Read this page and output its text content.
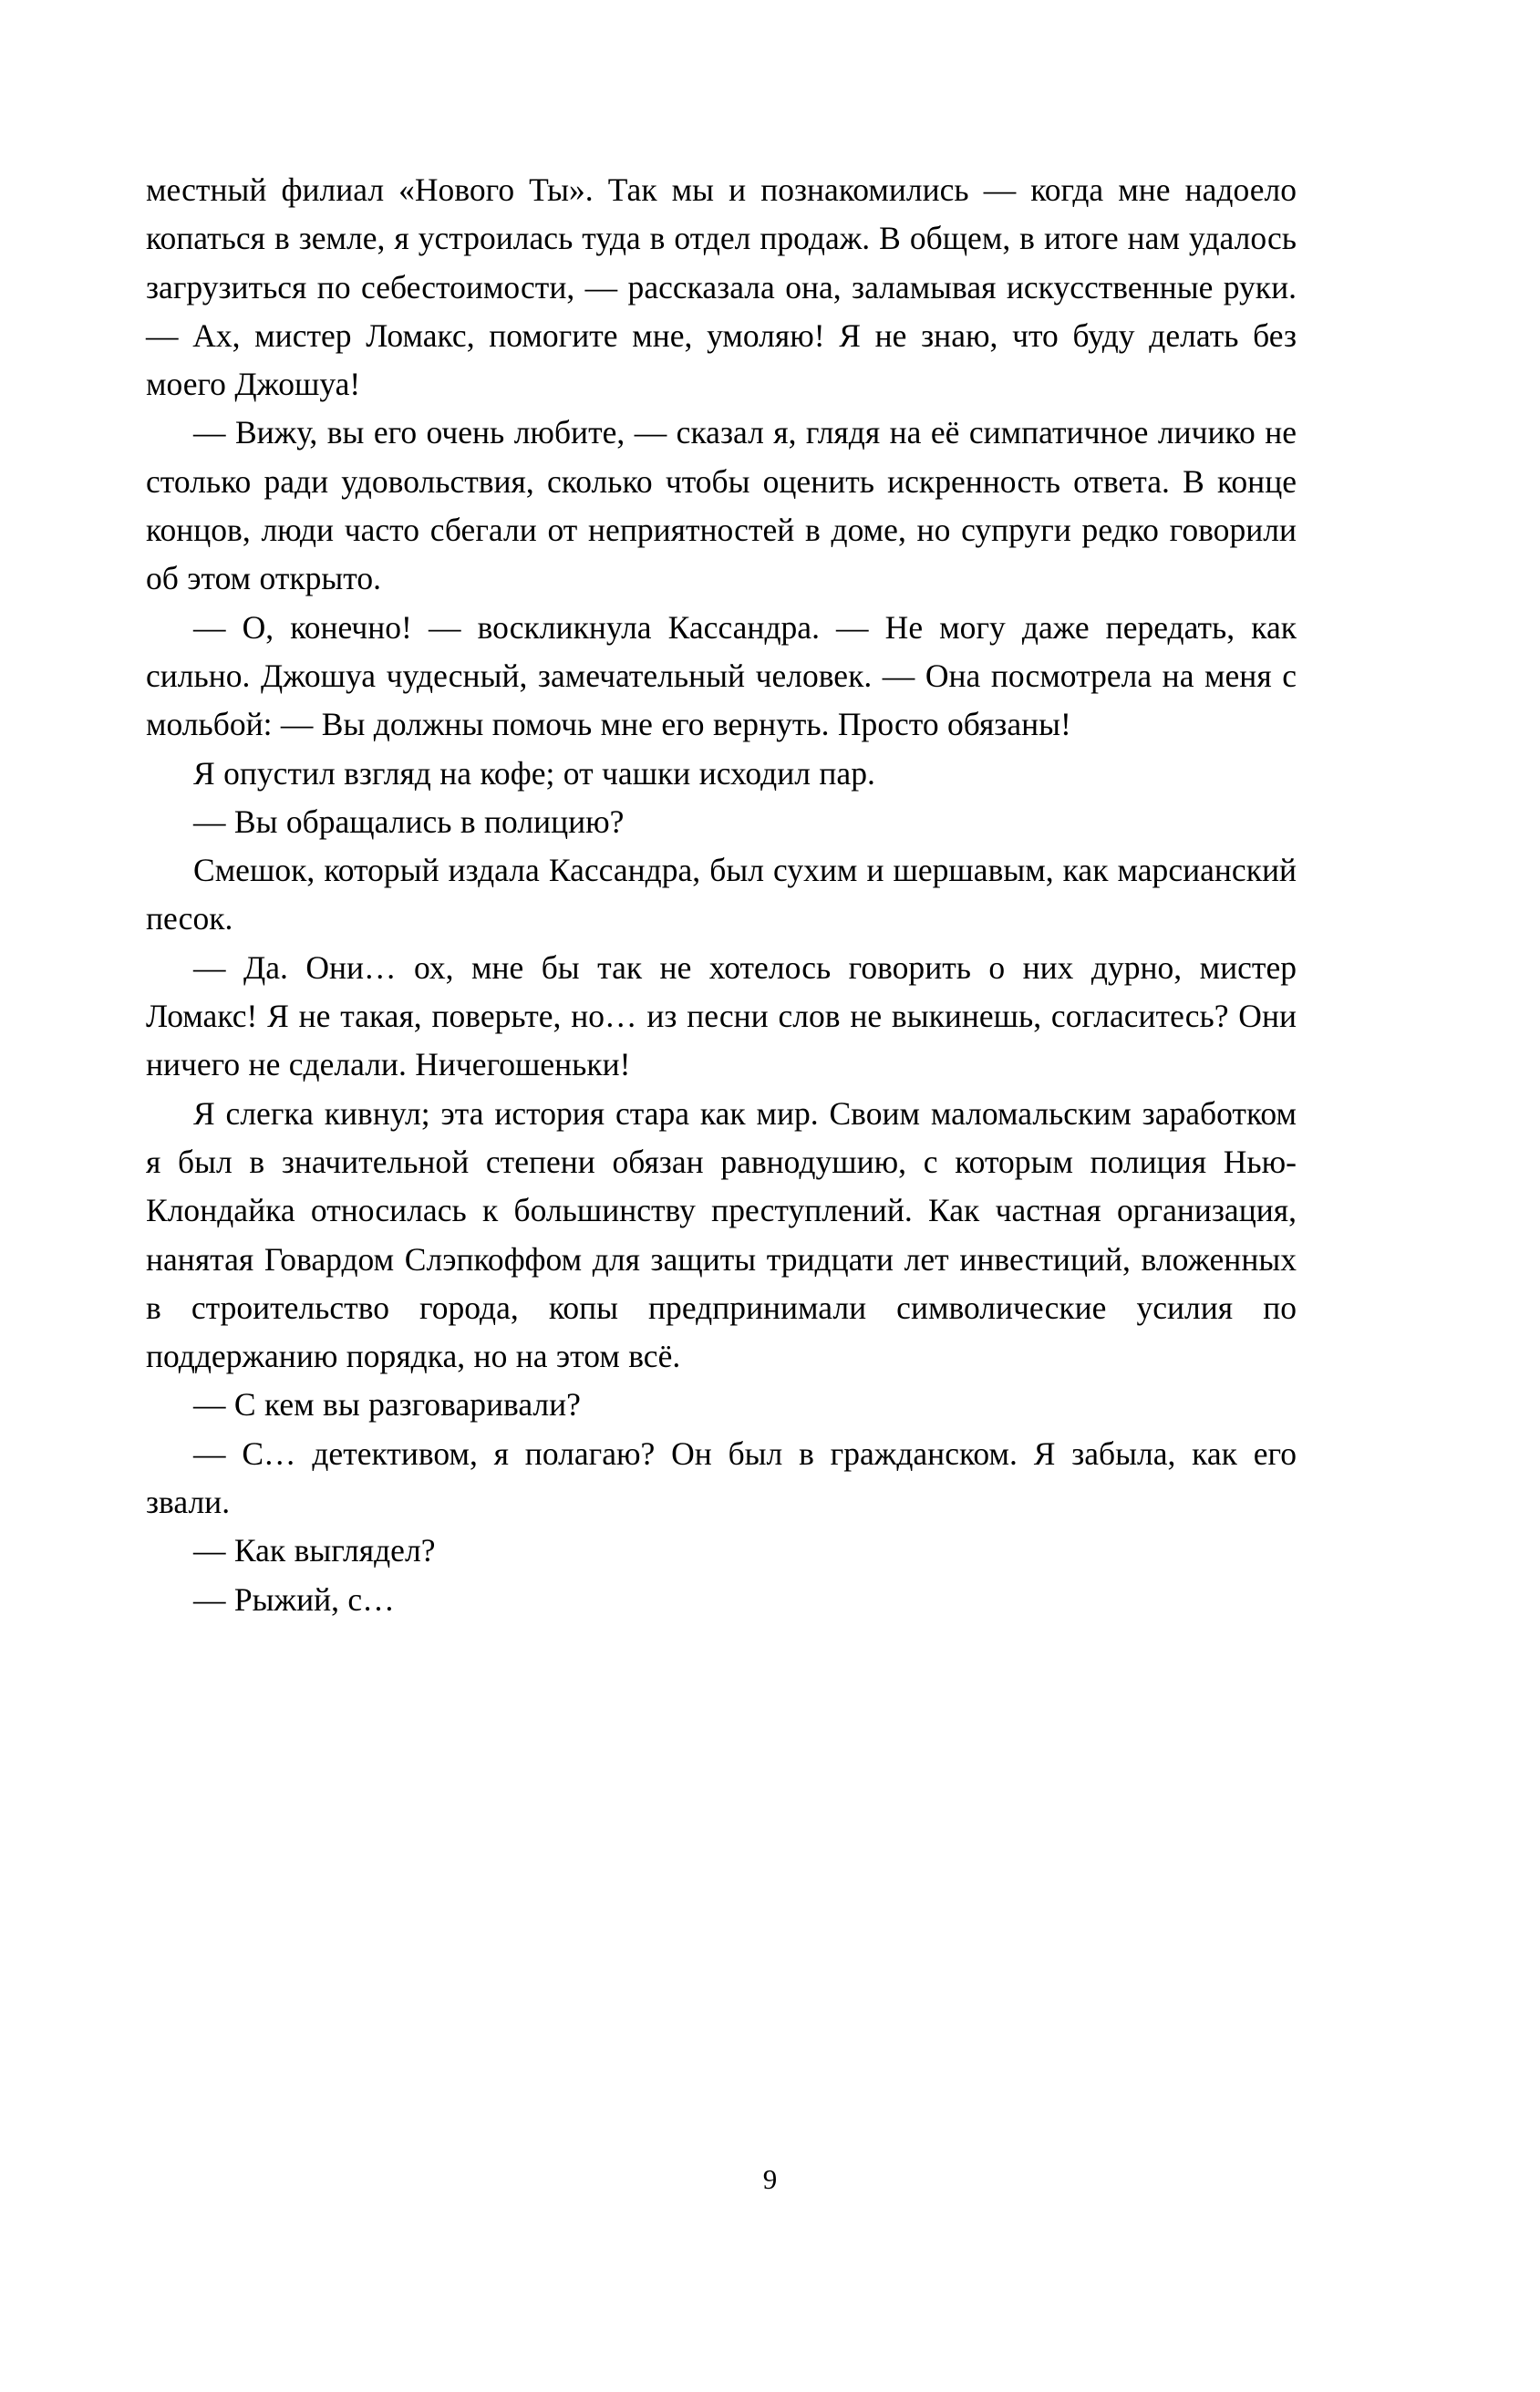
местный филиал «Нового Ты». Так мы и познакомились — когда мне надоело копаться в земле, я устроилась туда в отдел продаж. В общем, в итоге нам удалось загрузиться по себестоимости, — рассказала она, заламывая искусственные руки. — Ах, мистер Ломакс, помогите мне, умоляю! Я не знаю, что буду делать без моего Джошуа!

— Вижу, вы его очень любите, — сказал я, глядя на её симпатичное личико не столько ради удовольствия, сколько чтобы оценить искренность ответа. В конце концов, люди часто сбегали от неприятностей в доме, но супруги редко говорили об этом открыто.

— О, конечно! — воскликнула Кассандра. — Не могу даже передать, как сильно. Джошуа чудесный, замечательный человек. — Она посмотрела на меня с мольбой: — Вы должны помочь мне его вернуть. Просто обязаны!

Я опустил взгляд на кофе; от чашки исходил пар.

— Вы обращались в полицию?

Смешок, который издала Кассандра, был сухим и шершавым, как марсианский песок.

— Да. Они… ох, мне бы так не хотелось говорить о них дурно, мистер Ломакс! Я не такая, поверьте, но… из песни слов не выкинешь, согласитесь? Они ничего не сделали. Ничегошеньки!

Я слегка кивнул; эта история стара как мир. Своим маломальским заработком я был в значительной степени обязан равнодушию, с которым полиция Нью-Клондайка относилась к большинству преступлений. Как частная организация, нанятая Говардом Слэпкоффом для защиты тридцати лет инвестиций, вложенных в строительство города, копы предпринимали символические усилия по поддержанию порядка, но на этом всё.

— С кем вы разговаривали?

— С… детективом, я полагаю? Он был в гражданском. Я забыла, как его звали.

— Как выглядел?

— Рыжий, с…

9
